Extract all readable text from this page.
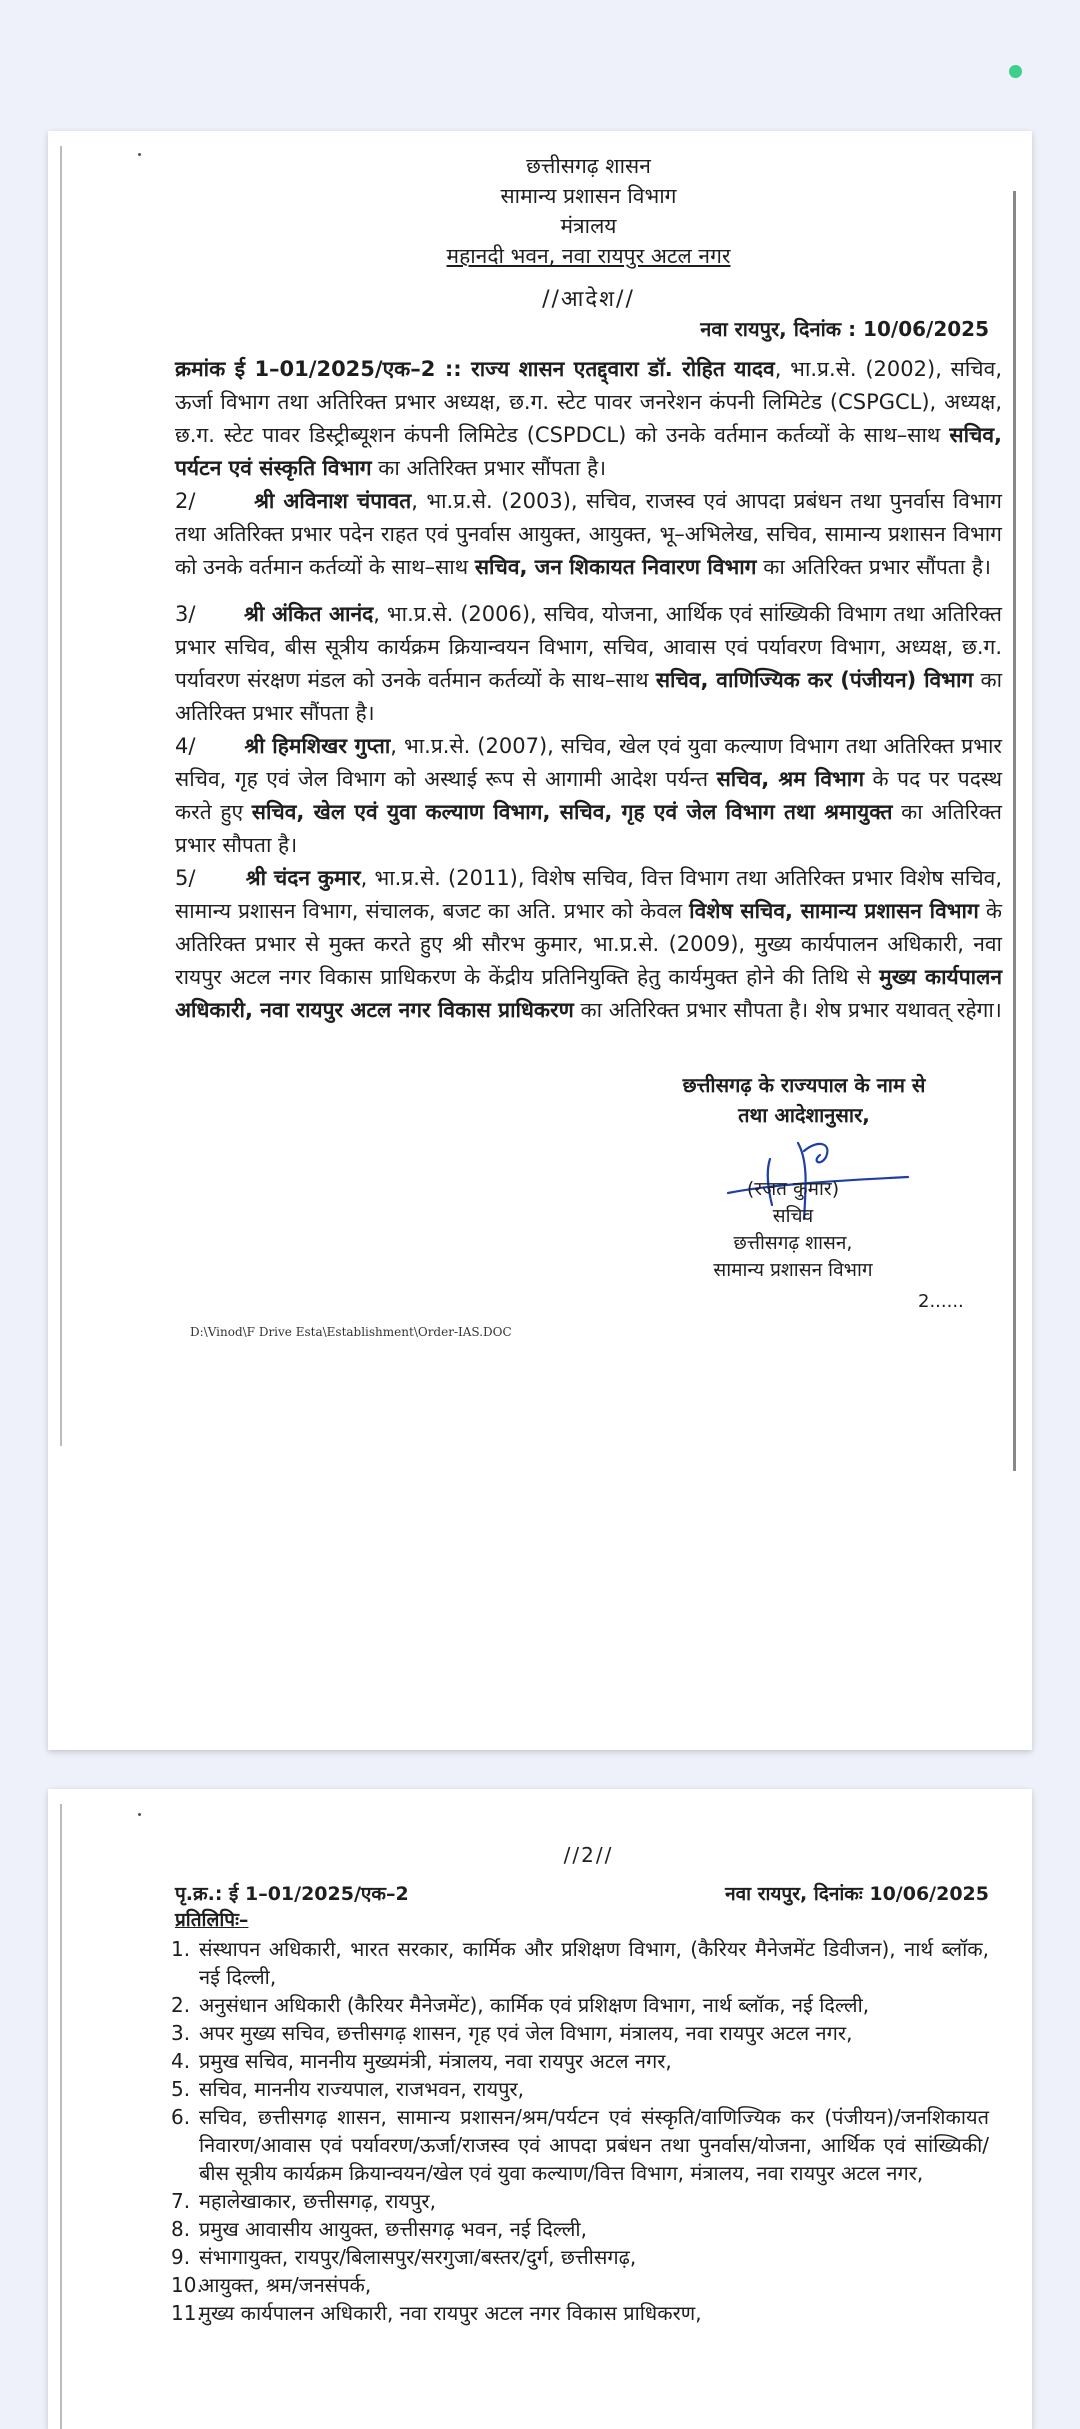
छत्तीसगढ़ शासन
सामान्य प्रशासन विभाग
मंत्रालय
महानदी भवन, नवा रायपुर अटल नगर
//आदेश//
नवा रायपुर, दिनांक : 10/06/2025

क्रमांक ई 1–01/2025/एक–2 :: राज्य शासन एतद्द्वारा डॉ. रोहित यादव, भा.प्र.से. (2002), सचिव, ऊर्जा विभाग तथा अतिरिक्त प्रभार अध्यक्ष, छ.ग. स्टेट पावर जनरेशन कंपनी लिमिटेड (CSPGCL), अध्यक्ष, छ.ग. स्टेट पावर डिस्ट्रीब्यूशन कंपनी लिमिटेड (CSPDCL) को उनके वर्तमान कर्तव्यों के साथ–साथ सचिव, पर्यटन एवं संस्कृति विभाग का अतिरिक्त प्रभार सौंपता है।

2/	श्री अविनाश चंपावत, भा.प्र.से. (2003), सचिव, राजस्व एवं आपदा प्रबंधन तथा पुनर्वास विभाग तथा अतिरिक्त प्रभार पदेन राहत एवं पुनर्वास आयुक्त, आयुक्त, भू–अभिलेख, सचिव, सामान्य प्रशासन विभाग को उनके वर्तमान कर्तव्यों के साथ–साथ सचिव, जन शिकायत निवारण विभाग का अतिरिक्त प्रभार सौंपता है।

3/ श्री अंकित आनंद, भा.प्र.से. (2006), सचिव, योजना, आर्थिक एवं सांख्यिकी विभाग तथा अतिरिक्त प्रभार सचिव, बीस सूत्रीय कार्यक्रम क्रियान्वयन विभाग, सचिव, आवास एवं पर्यावरण विभाग, अध्यक्ष, छ.ग. पर्यावरण संरक्षण मंडल को उनके वर्तमान कर्तव्यों के साथ–साथ सचिव, वाणिज्यिक कर (पंजीयन) विभाग का अतिरिक्त प्रभार सौंपता है।

4/ श्री हिमशिखर गुप्ता, भा.प्र.से. (2007), सचिव, खेल एवं युवा कल्याण विभाग तथा अतिरिक्त प्रभार सचिव, गृह एवं जेल विभाग को अस्थाई रूप से आगामी आदेश पर्यन्त सचिव, श्रम विभाग के पद पर पदस्थ करते हुए सचिव, खेल एवं युवा कल्याण विभाग, सचिव, गृह एवं जेल विभाग तथा श्रमायुक्त का अतिरिक्त प्रभार सौपता है।

5/ श्री चंदन कुमार, भा.प्र.से. (2011), विशेष सचिव, वित्त विभाग तथा अतिरिक्त प्रभार विशेष सचिव, सामान्य प्रशासन विभाग, संचालक, बजट का अति. प्रभार को केवल विशेष सचिव, सामान्य प्रशासन विभाग के अतिरिक्त प्रभार से मुक्त करते हुए श्री सौरभ कुमार, भा.प्र.से. (2009), मुख्य कार्यपालन अधिकारी, नवा रायपुर अटल नगर विकास प्राधिकरण के केंद्रीय प्रतिनियुक्ति हेतु कार्यमुक्त होने की तिथि से मुख्य कार्यपालन अधिकारी, नवा रायपुर अटल नगर विकास प्राधिकरण का अतिरिक्त प्रभार सौपता है। शेष प्रभार यथावत् रहेगा।

छत्तीसगढ़ के राज्यपाल के नाम से
तथा आदेशानुसार,
(रजत कुमार)
सचिव
छत्तीसगढ़ शासन,
सामान्य प्रशासन विभाग
2......
D:\Vinod\F Drive Esta\Establishment\Order-IAS.DOC
//2//
पृ.क्र.: ई 1–01/2025/एक–2	नवा रायपुर, दिनांकः 10/06/2025
प्रतिलिपिः–
1. संस्थापन अधिकारी, भारत सरकार, कार्मिक और प्रशिक्षण विभाग, (कैरियर मैनेजमेंट डिवीजन), नार्थ ब्लॉक, नई दिल्ली,
2. अनुसंधान अधिकारी (कैरियर मैनेजमेंट), कार्मिक एवं प्रशिक्षण विभाग, नार्थ ब्लॉक, नई दिल्ली,
3. अपर मुख्य सचिव, छत्तीसगढ़ शासन, गृह एवं जेल विभाग, मंत्रालय, नवा रायपुर अटल नगर,
4. प्रमुख सचिव, माननीय मुख्यमंत्री, मंत्रालय, नवा रायपुर अटल नगर,
5. सचिव, माननीय राज्यपाल, राजभवन, रायपुर,
6. सचिव, छत्तीसगढ़ शासन, सामान्य प्रशासन/श्रम/पर्यटन एवं संस्कृति/वाणिज्यिक कर (पंजीयन)/जनशिकायत निवारण/आवास एवं पर्यावरण/ऊर्जा/राजस्व एवं आपदा प्रबंधन तथा पुनर्वास/योजना, आर्थिक एवं सांख्यिकी/बीस सूत्रीय कार्यक्रम क्रियान्वयन/खेल एवं युवा कल्याण/वित्त विभाग, मंत्रालय, नवा रायपुर अटल नगर,
7. महालेखाकार, छत्तीसगढ़, रायपुर,
8. प्रमुख आवासीय आयुक्त, छत्तीसगढ़ भवन, नई दिल्ली,
9. संभागायुक्त, रायपुर/बिलासपुर/सरगुजा/बस्तर/दुर्ग, छत्तीसगढ़,
10.
आयुक्त, श्रम/जनसंपर्क,
11.
मुख्य कार्यपालन अधिकारी, नवा रायपुर अटल नगर विकास प्राधिकरण,
